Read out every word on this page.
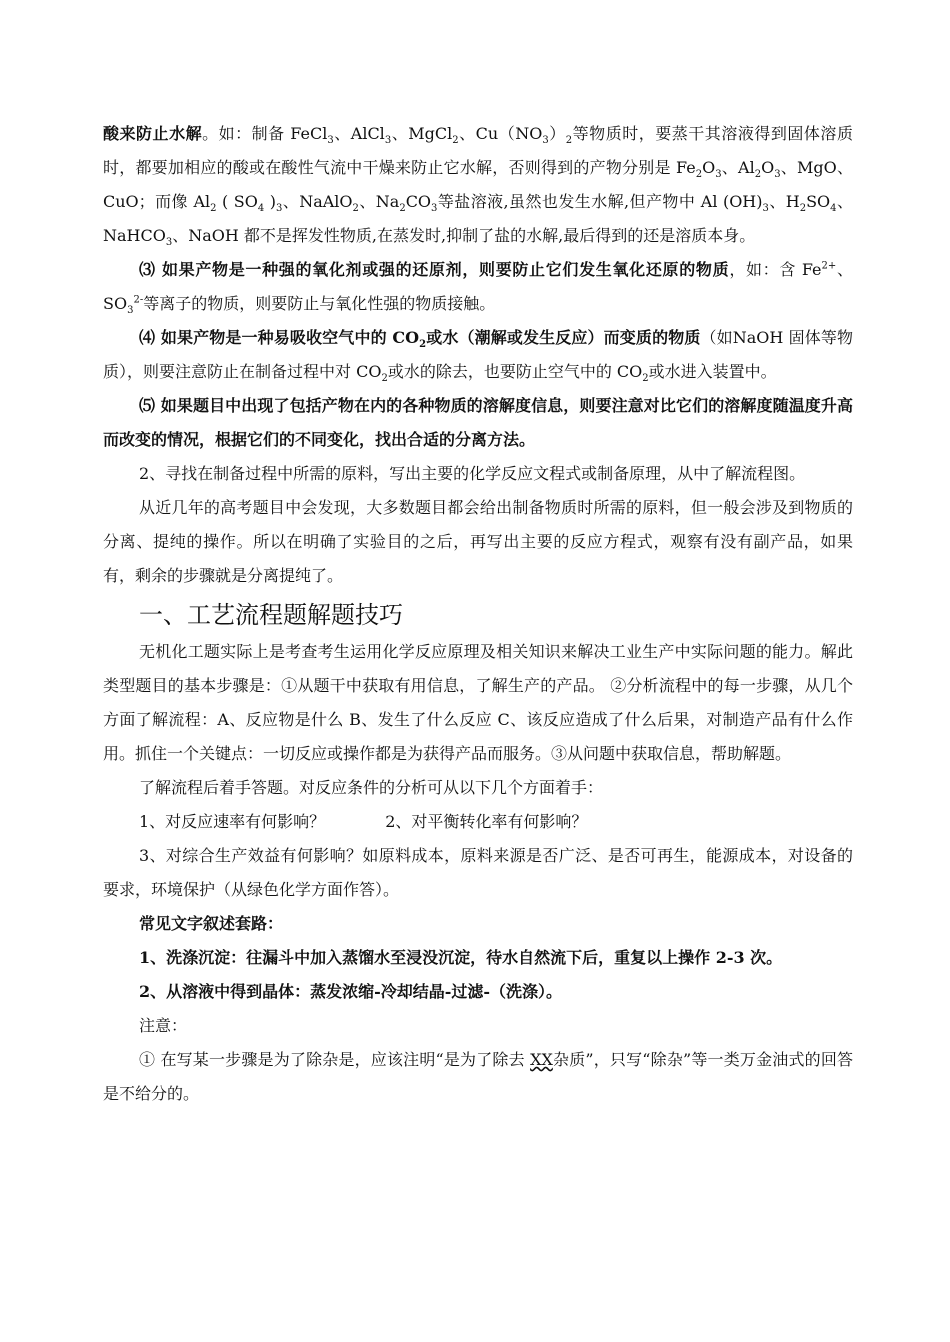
酸来防止水解。如：制备 FeCl$_3$、AlCl$_3$、MgCl$_2$、$Cu(NO_3)_2$等物质时，要蒸干其溶液得到固体溶质时，都要加相应的酸或在酸性气流中干燥来防止它水解，否则得到的产物分别是 $Fe_2O_3$、$Al_2O_3$、MgO、CuO；而像 $Al_2$ ( $SO_4$ )$_3$、NaAlO$_2$、$Na_2CO_3$等盐溶液,虽然也发生水解,但产物中 Al $(OH)_3$、$H_2SO_4$、NaHCO$_3$、NaOH 都不是挥发性物质,在蒸发时,抑制了盐的水解,最后得到的还是溶质本身。

⑶ 如果产物是一种强的氧化剂或强的还原剂，则要防止它们发生氧化还原的物质，如：含 $Fe^{2+}$、$SO_3^{2-}$等离子的物质，则要防止与氧化性强的物质接触。

⑷ 如果产物是一种易吸收空气中的 $CO_2$或水（潮解或发生反应）而变质的物质（如NaOH 固体等物质），则要注意防止在制备过程中对 $CO_2$或水的除去，也要防止空气中的 $CO_2$或水进入装置中。

⑸ 如果题目中出现了包括产物在内的各种物质的溶解度信息，则要注意对比它们的溶解度随温度升高而改变的情况，根据它们的不同变化，找出合适的分离方法。

2、寻找在制备过程中所需的原料，写出主要的化学反应文程式或制备原理，从中了解流程图。

从近几年的高考题目中会发现，大多数题目都会给出制备物质时所需的原料，但一般会涉及到物质的分离、提纯的操作。所以在明确了实验目的之后，再写出主要的反应方程式，观察有没有副产品，如果有，剩余的步骤就是分离提纯了。

一、工艺流程题解题技巧

无机化工题实际上是考查考生运用化学反应原理及相关知识来解决工业生产中实际问题的能力。解此类型题目的基本步骤是：①从题干中获取有用信息，了解生产的产品。 ②分析流程中的每一步骤，从几个方面了解流程：A、反应物是什么 B、发生了什么反应 C、该反应造成了什么后果，对制造产品有什么作用。抓住一个关键点：一切反应或操作都是为获得产品而服务。③从问题中获取信息，帮助解题。

了解流程后着手答题。对反应条件的分析可从以下几个方面着手：

1、对反应速率有何影响？	2、对平衡转化率有何影响？

3、对综合生产效益有何影响？如原料成本，原料来源是否广泛、是否可再生，能源成本，对设备的要求，环境保护（从绿色化学方面作答）。

常见文字叙述套路：

1、洗涤沉淀：往漏斗中加入蒸馏水至浸没沉淀，待水自然流下后，重复以上操作 2-3 次。

2、从溶液中得到晶体：蒸发浓缩-冷却结晶-过滤-（洗涤）。

注意：

① 在写某一步骤是为了除杂是，应该注明“是为了除去 XX杂质”，只写“除杂”等一类万金油式的回答是不给分的。
